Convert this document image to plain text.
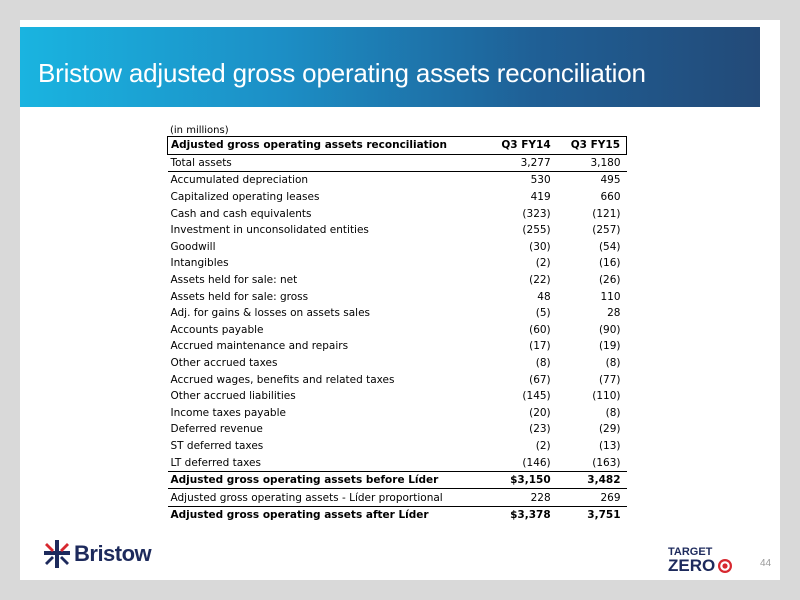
Bristow adjusted gross operating assets reconciliation
(in millions)
Adjusted gross operating assets reconciliation	Q3 FY14	Q3 FY15
Total assets	3,277	3,180
Accumulated depreciation	530	495
Capitalized operating leases	419	660
Cash and cash equivalents	(323)	(121)
Investment in unconsolidated entities	(255)	(257)
Goodwill	(30)	(54)
Intangibles	(2)	(16)
Assets held for sale: net	(22)	(26)
Assets held for sale: gross	48	110
Adj. for gains & losses on assets sales	(5)	28
Accounts payable	(60)	(90)
Accrued maintenance and repairs	(17)	(19)
Other accrued taxes	(8)	(8)
Accrued wages, benefits and related taxes	(67)	(77)
Other accrued liabilities	(145)	(110)
Income taxes payable	(20)	(8)
Deferred revenue	(23)	(29)
ST deferred taxes	(2)	(13)
LT deferred taxes	(146)	(163)
Adjusted gross operating assets before Líder	$3,150	3,482
Adjusted gross operating assets - Líder proportional	228	269
Adjusted gross operating assets after Líder	$3,378	3,751
Bristow	TARGET
ZERO	44
